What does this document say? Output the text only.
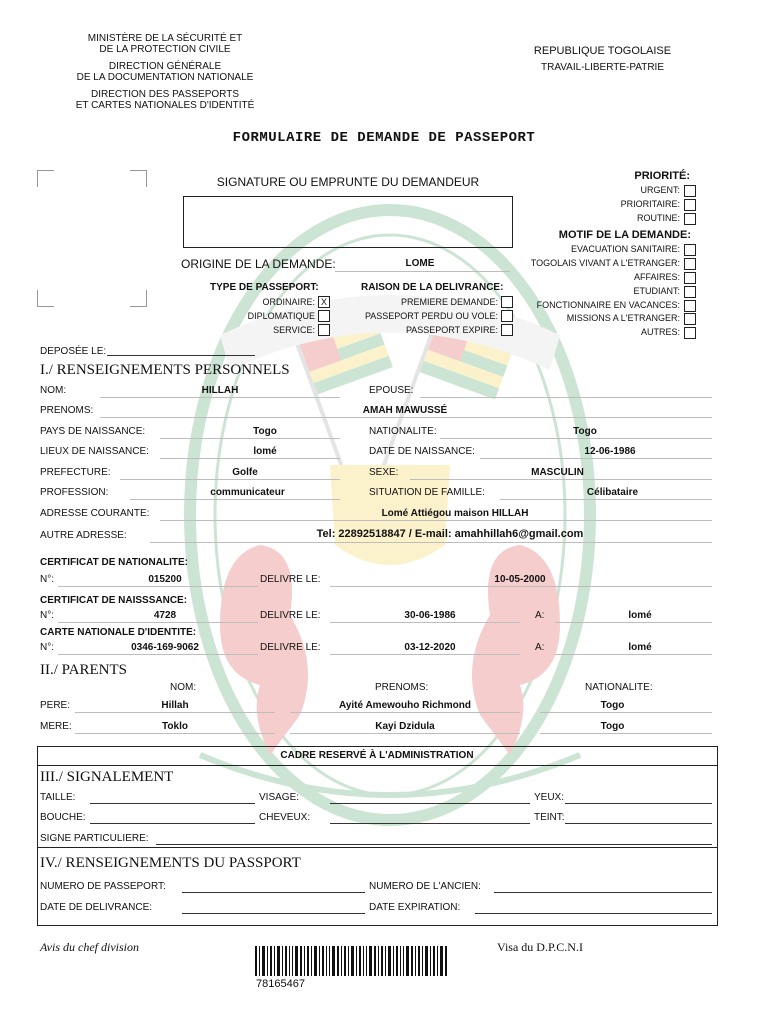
MINISTÈRE DE LA SÉCURITÉ ET
DE LA PROTECTION CIVILE
DIRECTION GÉNÉRALE
DE LA DOCUMENTATION NATIONALE
DIRECTION DES PASSEPORTS
ET CARTES NATIONALES D'IDENTITÉ
REPUBLIQUE TOGOLAISE
TRAVAIL-LIBERTE-PATRIE
FORMULAIRE DE DEMANDE DE PASSEPORT
SIGNATURE OU EMPRUNTE DU DEMANDEUR
ORIGINE DE LA DEMANDE:	LOME
TYPE DE PASSEPORT:
ORDINAIRE: X
DIPLOMATIQUE
SERVICE:
RAISON DE LA DELIVRANCE:
PREMIERE DEMANDE:
PASSEPORT PERDU OU VOLE:
PASSEPORT EXPIRE:
PRIORITÉ:
URGENT:
PRIORITAIRE:
ROUTINE:
MOTIF DE LA DEMANDE:
EVACUATION SANITAIRE:
TOGOLAIS VIVANT A L'ETRANGER:
AFFAIRES:
ETUDIANT:
FONCTIONNAIRE EN VACANCES:
MISSIONS A L'ETRANGER:
AUTRES:
DEPOSÉE LE:
I./ RENSEIGNEMENTS PERSONNELS
NOM:	HILLAH	EPOUSE:
PRENOMS:	AMAH MAWUSSÉ
PAYS DE NAISSANCE:	Togo	NATIONALITE:	Togo
LIEUX DE NAISSANCE:	lomé	DATE DE NAISSANCE:	12-06-1986
PREFECTURE:	Golfe	SEXE:	MASCULIN
PROFESSION:	communicateur	SITUATION DE FAMILLE:	Célibataire
ADRESSE COURANTE:	Lomé Attiégou maison HILLAH
AUTRE ADRESSE:	Tel: 22892518847 / E-mail: amahhillah6@gmail.com
CERTIFICAT DE NATIONALITE:
N°:	015200	DELIVRE LE:	10-05-2000
CERTIFICAT DE NAISSSANCE:
N°:	4728	DELIVRE LE:	30-06-1986	A:	lomé
CARTE NATIONALE D'IDENTITE:
N°:	0346-169-9062	DELIVRE LE:	03-12-2020	A:	lomé
II./ PARENTS
NOM:	PRENOMS:	NATIONALITE:
PERE:	Hillah	Ayité Amewouho Richmond	Togo
MERE:	Toklo	Kayi Dzidula	Togo
CADRE RESERVÉ À L'ADMINISTRATION
III./ SIGNALEMENT
TAILLE:	VISAGE:	YEUX:
BOUCHE:	CHEVEUX:	TEINT:
SIGNE PARTICULIERE:
IV./ RENSEIGNEMENTS DU PASSPORT
NUMERO DE PASSEPORT:	NUMERO DE L'ANCIEN:
DATE DE DELIVRANCE:	DATE EXPIRATION:
Avis du chef division	Visa du D.P.C.N.I
78165467
